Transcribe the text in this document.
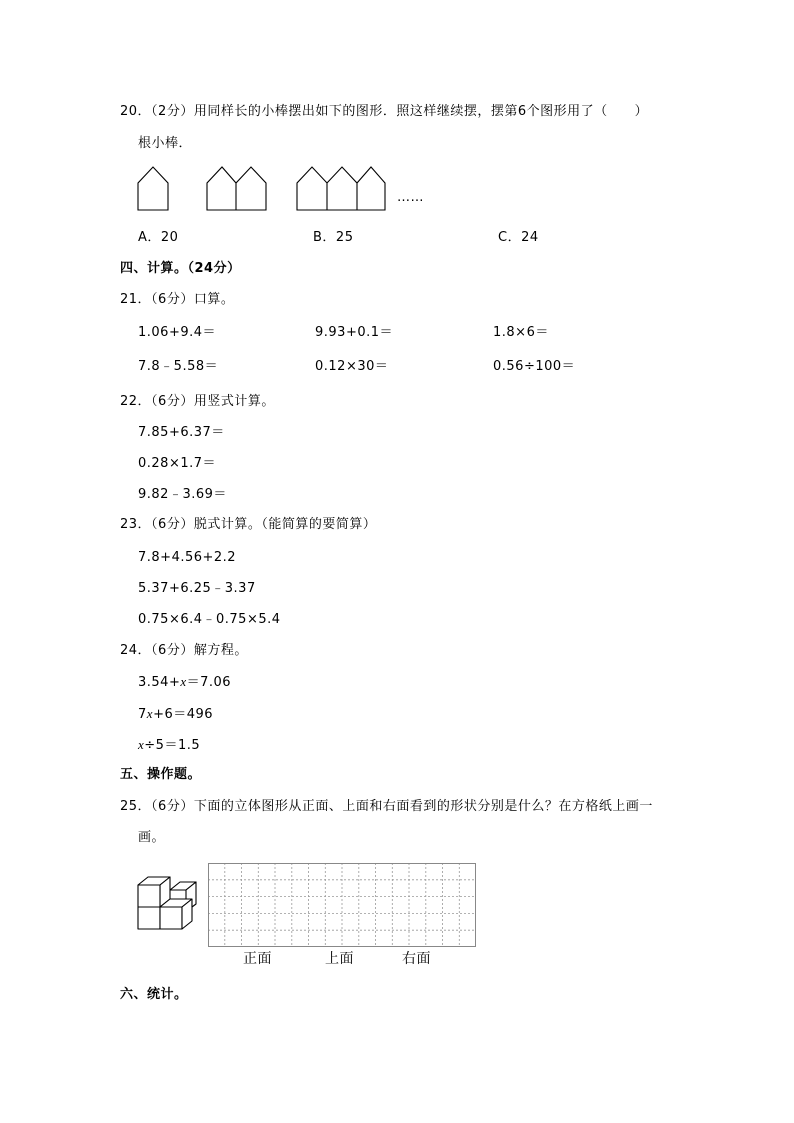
20．（2分）用同样长的小棒摆出如下的图形．照这样继续摆，摆第6个图形用了（　　）
根小棒．
……
A．20	B．25	C．24
四、计算。（24分）
21．（6分）口算。
1.06+9.4＝	9.93+0.1＝	1.8×6＝
7.8﹣5.58＝	0.12×30＝	0.56÷100＝
22．（6分）用竖式计算。
7.85+6.37＝
0.28×1.7＝
9.82﹣3.69＝
23．（6分）脱式计算。（能简算的要简算）
7.8+4.56+2.2
5.37+6.25﹣3.37
0.75×6.4﹣0.75×5.4
24．（6分）解方程。
3.54+x＝7.06
7x+6＝496
x÷5＝1.5
五、操作题。
25．（6分）下面的立体图形从正面、上面和右面看到的形状分别是什么？在方格纸上画一
画。
正面	上面	右面
六、统计。
